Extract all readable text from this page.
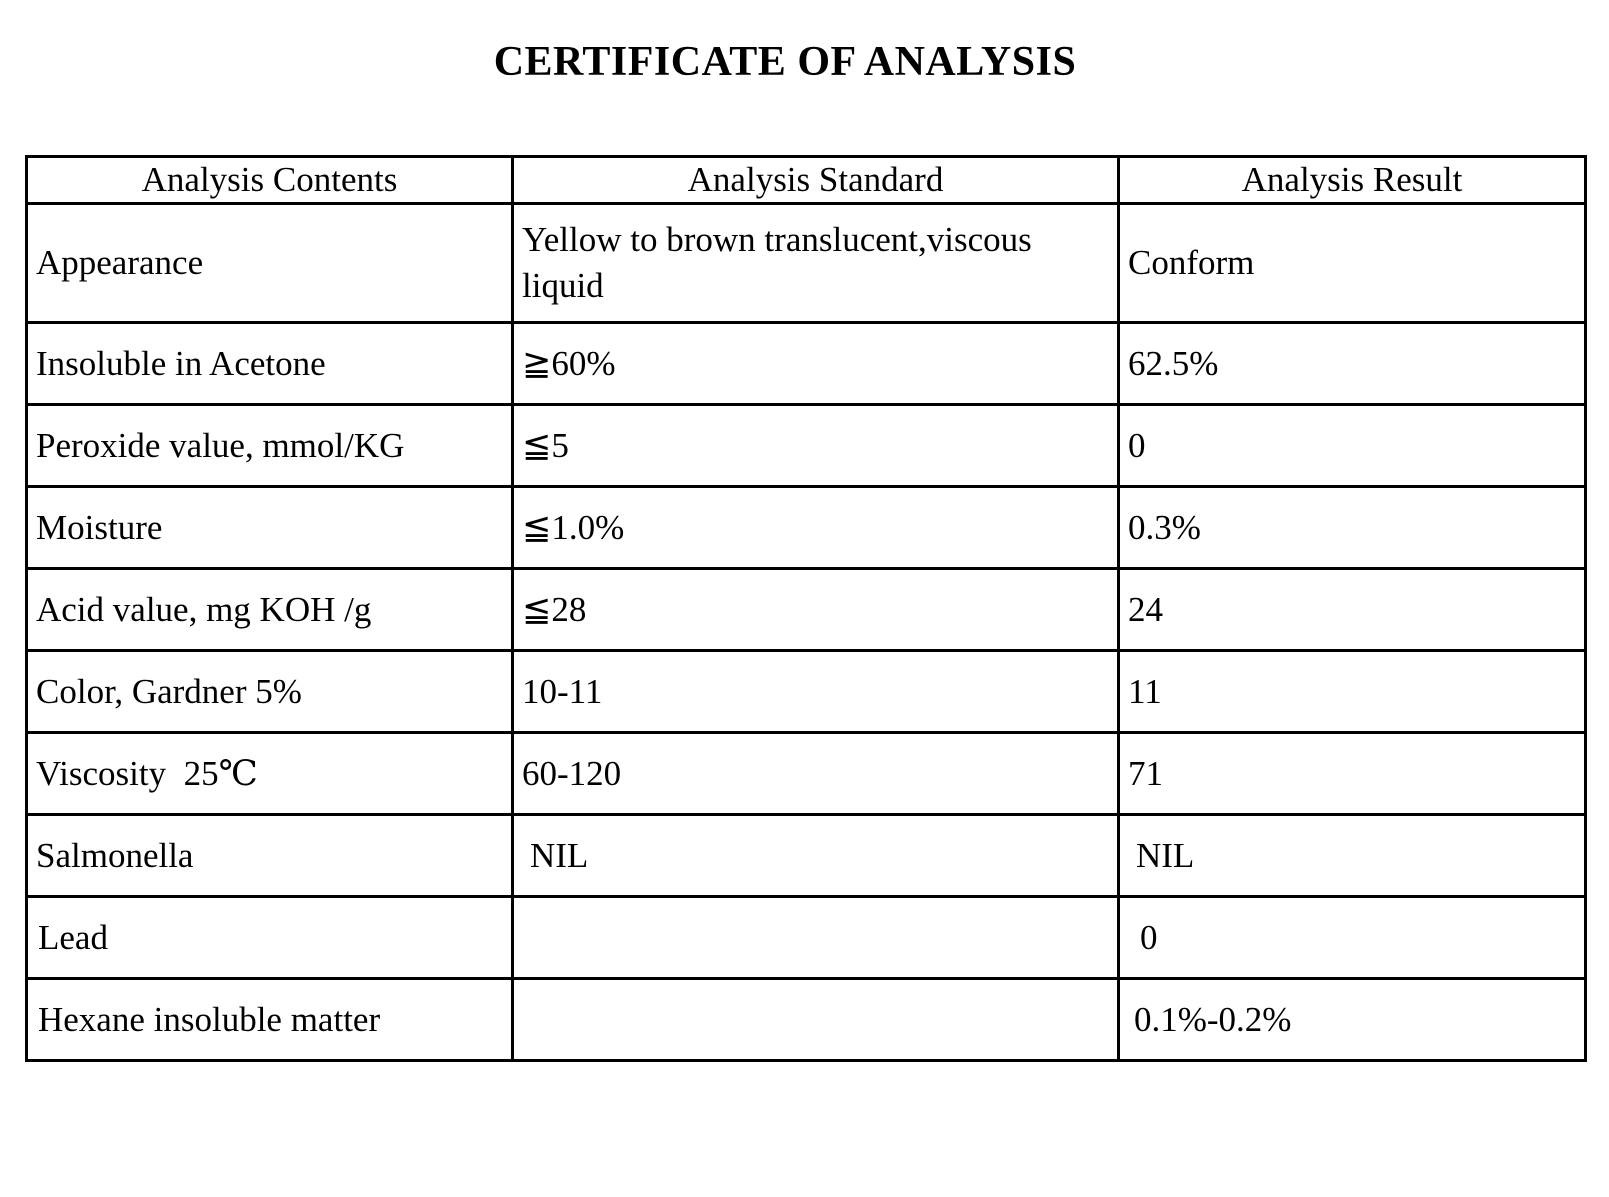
CERTIFICATE OF ANALYSIS
Analysis Contents	Analysis Standard	Analysis Result
Appearance	Yellow to brown translucent,viscous liquid	Conform
Insoluble in Acetone	≧60%	62.5%
Peroxide value, mmol/KG	≦5	0
Moisture	≦1.0%	0.3%
Acid value, mg KOH /g	≦28	24
Color, Gardner 5%	10-11	11
Viscosity  25℃	60-120	71
Salmonella	NIL	NIL
Lead		0
Hexane insoluble matter		0.1%-0.2%
